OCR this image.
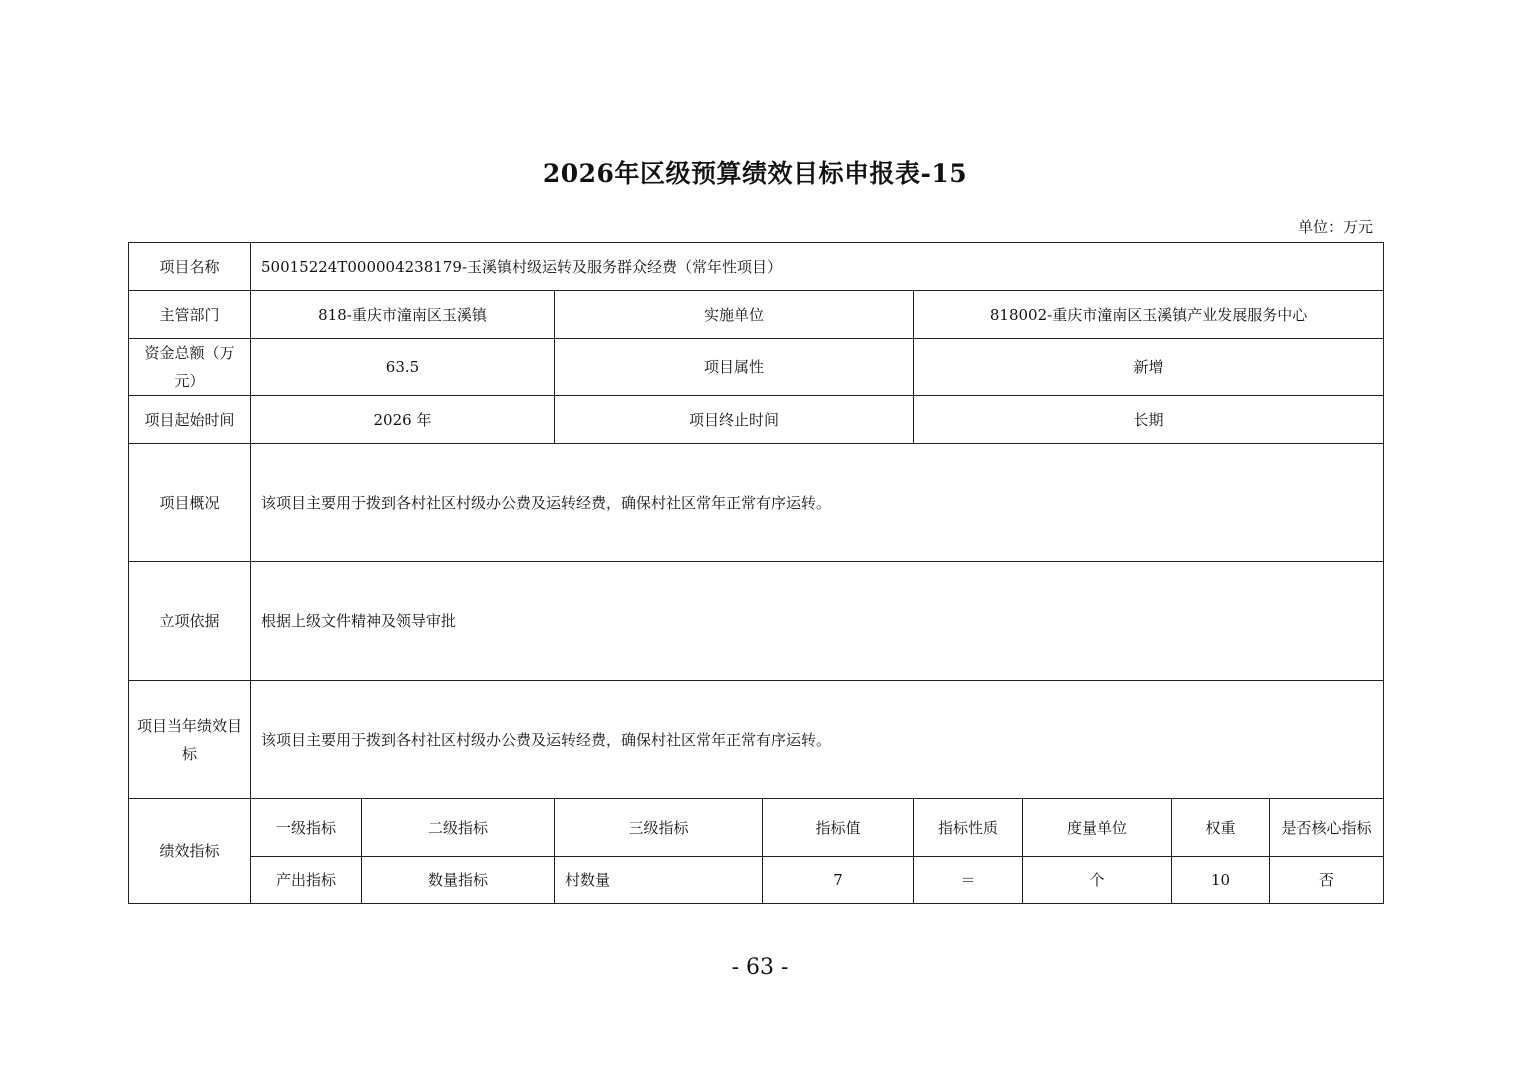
2026年区级预算绩效目标申报表-15
单位：万元
项目名称	50015224T000004238179-玉溪镇村级运转及服务群众经费（常年性项目）							
主管部门	818-重庆市潼南区玉溪镇		实施单位		818002-重庆市潼南区玉溪镇产业发展服务中心			
资金总额（万元）	63.5		项目属性		新增			
项目起始时间	2026 年		项目终止时间		长期			
项目概况	该项目主要用于拨到各村社区村级办公费及运转经费，确保村社区常年正常有序运转。							
立项依据	根据上级文件精神及领导审批							
项目当年绩效目标	该项目主要用于拨到各村社区村级办公费及运转经费，确保村社区常年正常有序运转。							
绩效指标	一级指标	二级指标	三级指标	指标值	指标性质	度量单位	权重	是否核心指标
	产出指标	数量指标	村数量	7	＝	个	10	否
- 63 -
